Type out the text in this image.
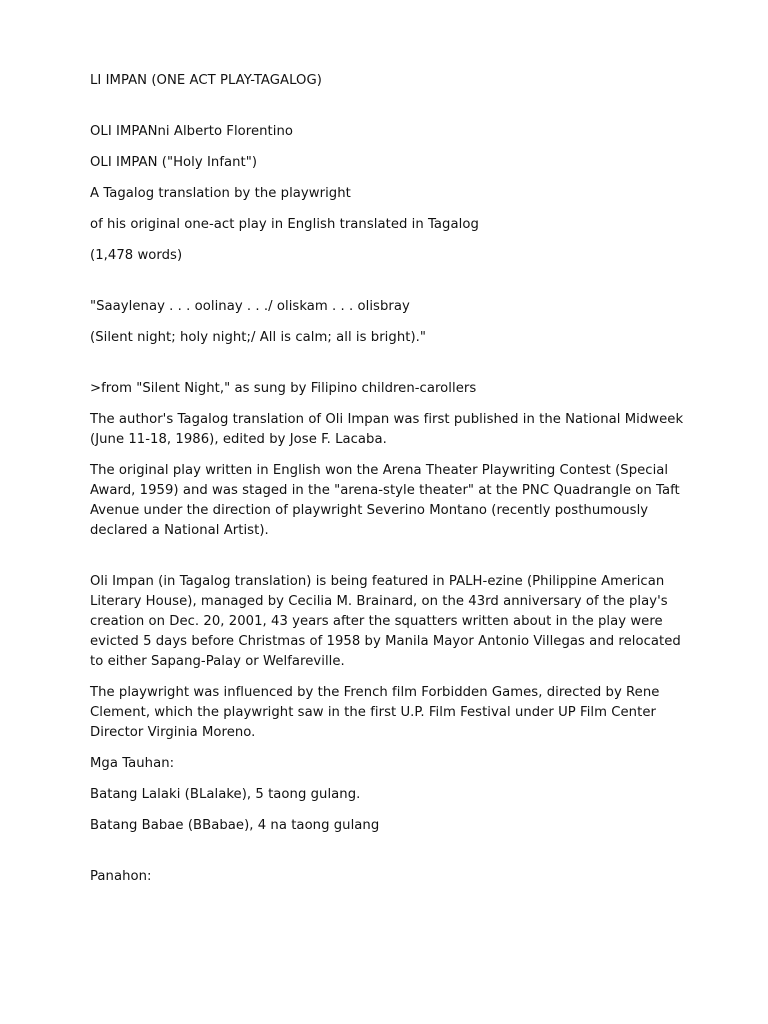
LI IMPAN (ONE ACT PLAY-TAGALOG)

OLI IMPANni Alberto Florentino

OLI IMPAN ("Holy Infant")

A Tagalog translation by the playwright

of his original one-act play in English translated in Tagalog

(1,478 words)

"Saaylenay . . . oolinay . . ./ oliskam . . . olisbray

(Silent night; holy night;/ All is calm; all is bright)."

>from "Silent Night," as sung by Filipino children-carollers

The author's Tagalog translation of Oli Impan was first published in the National Midweek (June 11-18, 1986), edited by Jose F. Lacaba.

The original play written in English won the Arena Theater Playwriting Contest (Special Award, 1959) and was staged in the "arena-style theater" at the PNC Quadrangle on Taft Avenue under the direction of playwright Severino Montano (recently posthumously declared a National Artist).

Oli Impan (in Tagalog translation) is being featured in PALH-ezine (Philippine American Literary House), managed by Cecilia M. Brainard, on the 43rd anniversary of the play's creation on Dec. 20, 2001, 43 years after the squatters written about in the play were evicted 5 days before Christmas of 1958 by Manila Mayor Antonio Villegas and relocated to either Sapang-Palay or Welfareville.

The playwright was influenced by the French film Forbidden Games, directed by Rene Clement, which the playwright saw in the first U.P. Film Festival under UP Film Center Director Virginia Moreno.

Mga Tauhan:

Batang Lalaki (BLalake), 5 taong gulang.

Batang Babae (BBabae), 4 na taong gulang

Panahon:
